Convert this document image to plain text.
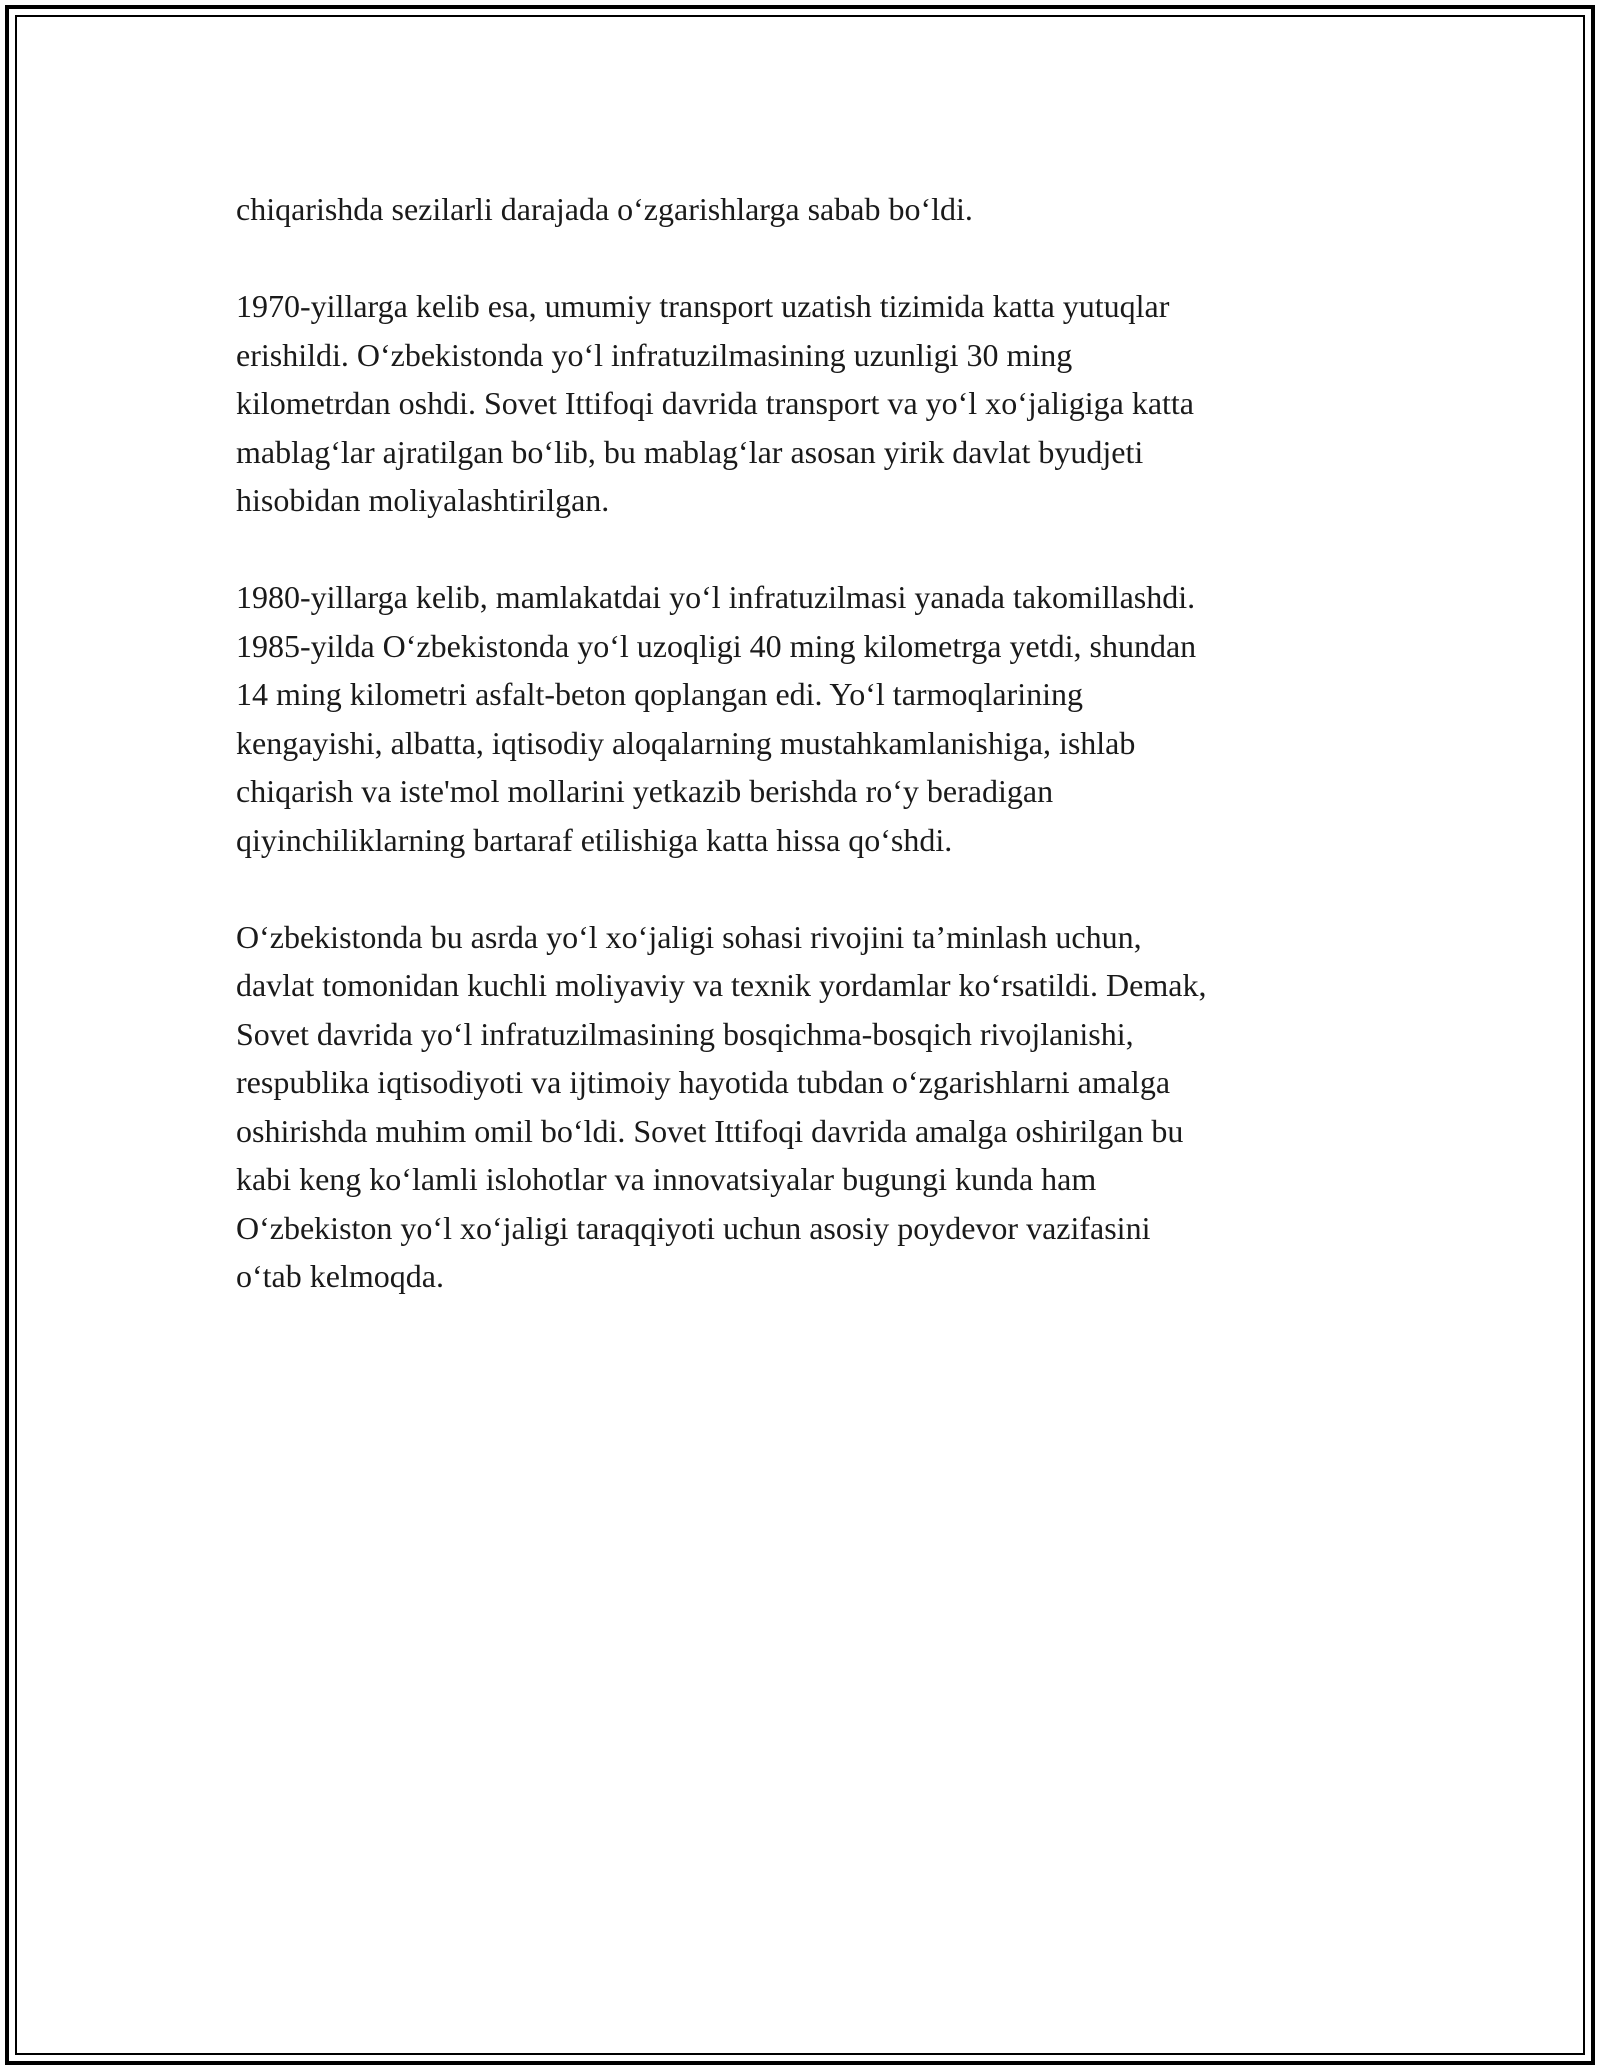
chiqarishda sezilarli darajada o‘zgarishlarga sabab bo‘ldi.

1970-yillarga kelib esa, umumiy transport uzatish tizimida katta yutuqlar
erishildi. O‘zbekistonda yo‘l infratuzilmasining uzunligi 30 ming
kilometrdan oshdi. Sovet Ittifoqi davrida transport va yo‘l xo‘jaligiga katta
mablag‘lar ajratilgan bo‘lib, bu mablag‘lar asosan yirik davlat byudjeti
hisobidan moliyalashtirilgan.

1980-yillarga kelib, mamlakatdai yo‘l infratuzilmasi yanada takomillashdi.
1985-yilda O‘zbekistonda yo‘l uzoqligi 40 ming kilometrga yetdi, shundan
14 ming kilometri asfalt-beton qoplangan edi. Yo‘l tarmoqlarining
kengayishi, albatta, iqtisodiy aloqalarning mustahkamlanishiga, ishlab
chiqarish va iste'mol mollarini yetkazib berishda ro‘y beradigan
qiyinchiliklarning bartaraf etilishiga katta hissa qo‘shdi.

O‘zbekistonda bu asrda yo‘l xo‘jaligi sohasi rivojini ta’minlash uchun,
davlat tomonidan kuchli moliyaviy va texnik yordamlar ko‘rsatildi. Demak,
Sovet davrida yo‘l infratuzilmasining bosqichma-bosqich rivojlanishi,
respublika iqtisodiyoti va ijtimoiy hayotida tubdan o‘zgarishlarni amalga
oshirishda muhim omil bo‘ldi. Sovet Ittifoqi davrida amalga oshirilgan bu
kabi keng ko‘lamli islohotlar va innovatsiyalar bugungi kunda ham
O‘zbekiston yo‘l xo‘jaligi taraqqiyoti uchun asosiy poydevor vazifasini
o‘tab kelmoqda.
